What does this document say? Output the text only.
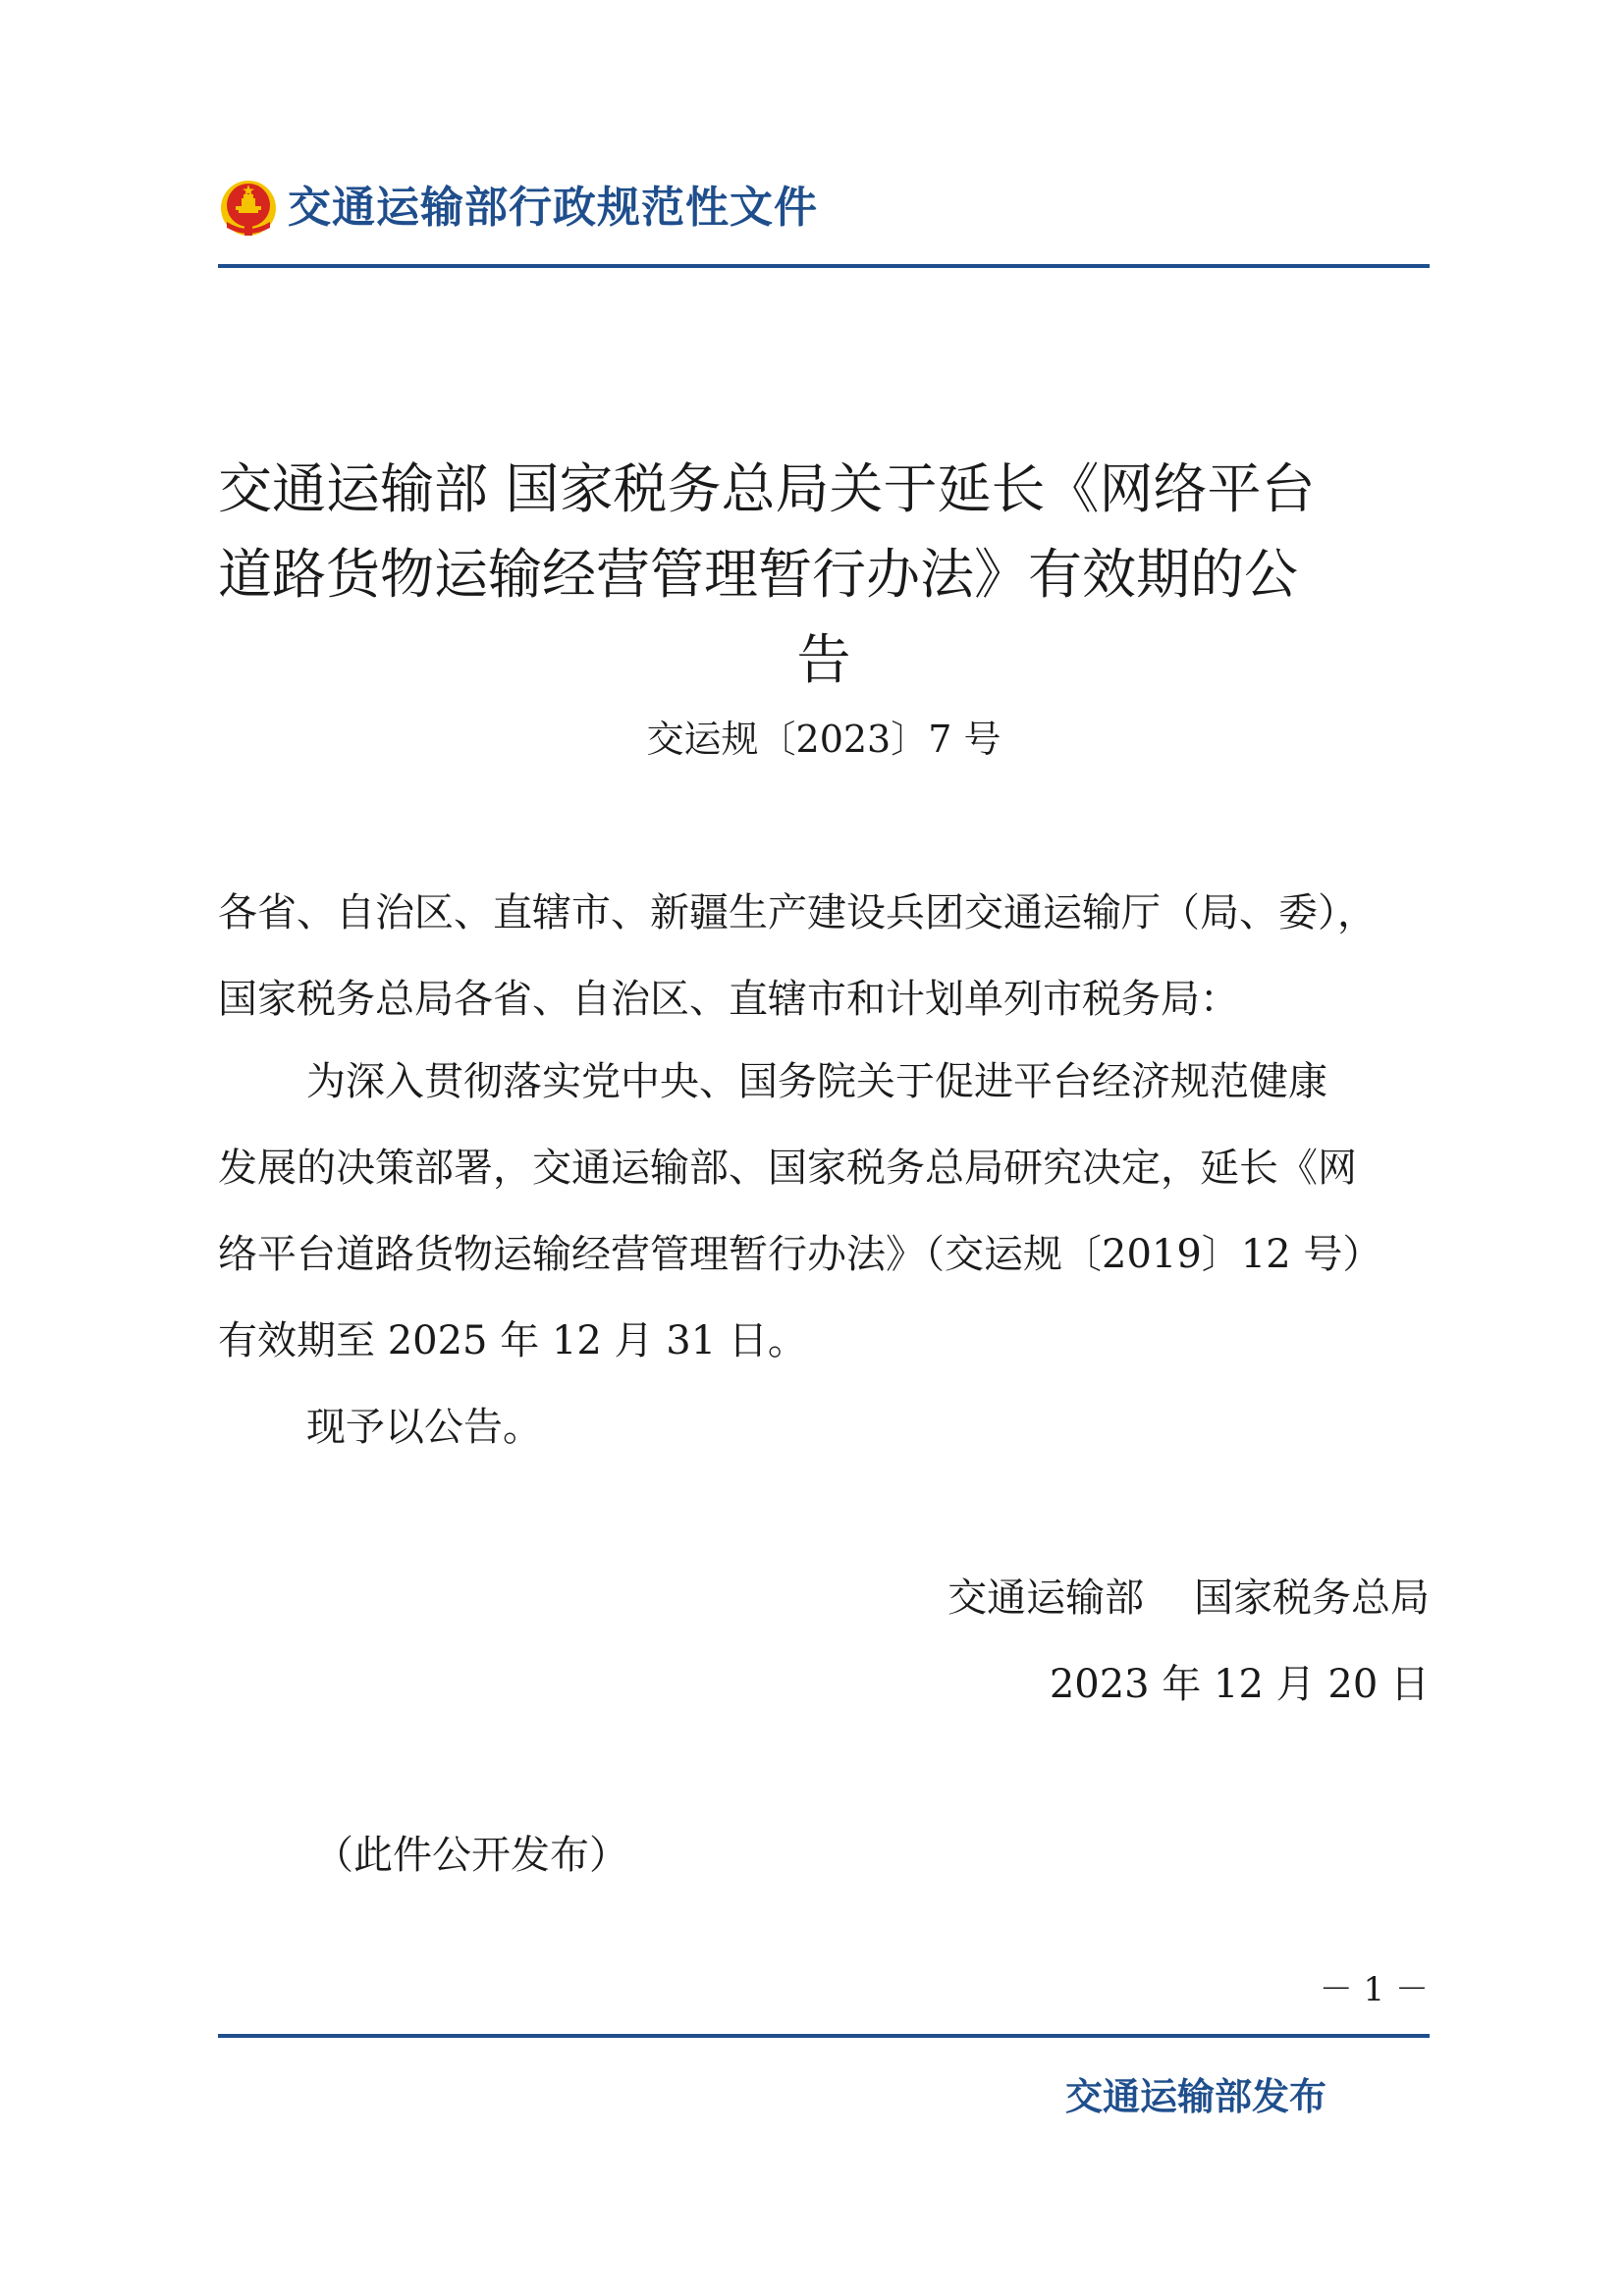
交通运输部行政规范性文件
交通运输部 国家税务总局关于延长《网络平台
道路货物运输经营管理暂行办法》有效期的公
告
交运规〔2023〕7 号
各省、自治区、直辖市、新疆生产建设兵团交通运输厅（局、委），
国家税务总局各省、自治区、直辖市和计划单列市税务局：
为深入贯彻落实党中央、国务院关于促进平台经济规范健康
发展的决策部署，交通运输部、国家税务总局研究决定，延长《网
络平台道路货物运输经营管理暂行办法》（交运规〔2019〕12 号）
有效期至 2025 年 12 月 31 日。
现予以公告。
交通运输部    国家税务总局
2023 年 12 月 20 日
（此件公开发布）
－ 1 －
交通运输部发布
